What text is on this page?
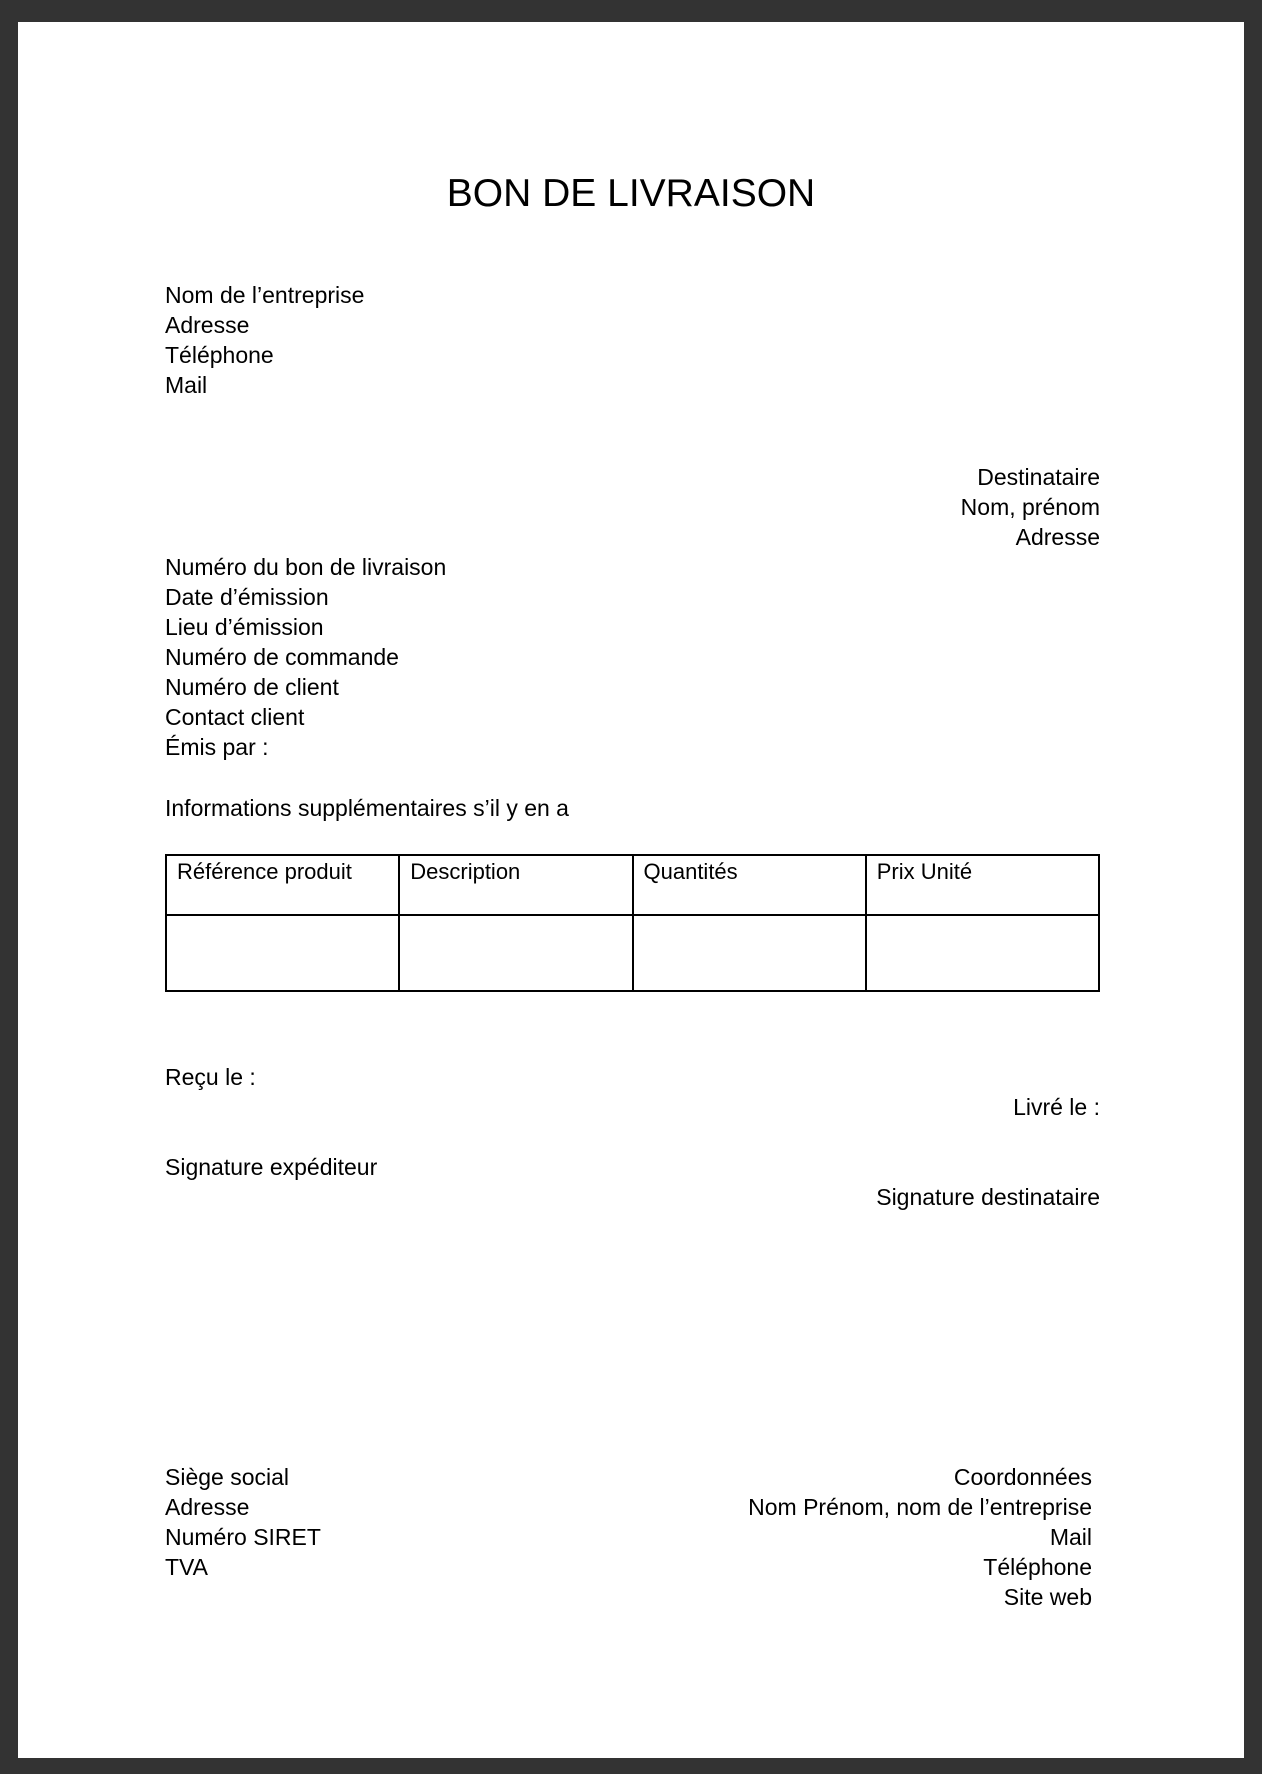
BON DE LIVRAISON
Nom de l’entreprise
Adresse
Téléphone
Mail
Destinataire
Nom, prénom
Adresse
Numéro du bon de livraison
Date d’émission
Lieu d’émission
Numéro de commande
Numéro de client
Contact client
Émis par :
Informations supplémentaires s’il y en a
Référence produit	Description	Quantités	Prix Unité

Reçu le :
Livré le :
Signature expéditeur
Signature destinataire
Siège social
Adresse
Numéro SIRET
TVA
Coordonnées
Nom Prénom, nom de l’entreprise
Mail
Téléphone
Site web
